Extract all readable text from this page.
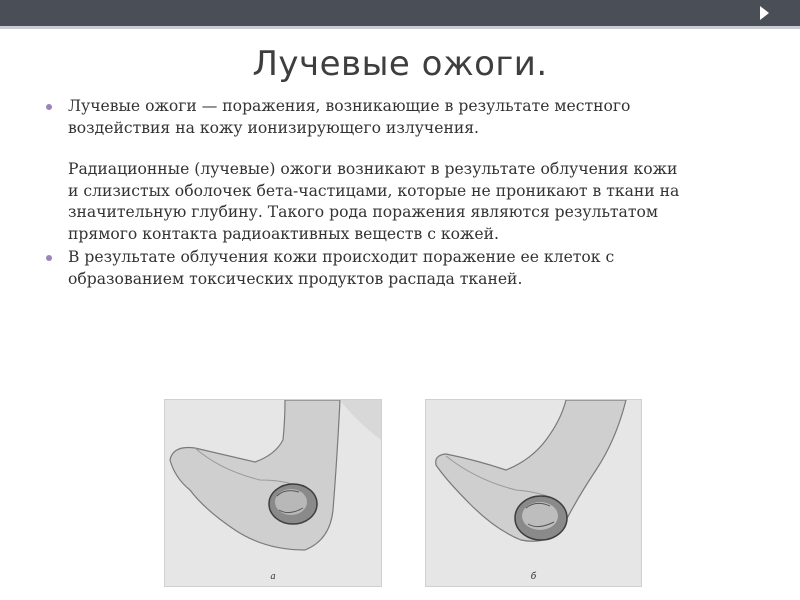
Лучевые ожоги.

Лучевые ожоги — поражения, возникающие в результате местного воздействия на кожу ионизирующего излучения.

Радиационные (лучевые) ожоги возникают в результате облучения кожи и слизистых оболочек бета-частицами, которые не проникают в ткани на значительную глубину. Такого рода поражения являются результатом прямого контакта радиоактивных веществ с кожей.

В результате облучения кожи происходит поражение ее клеток с образованием токсических продуктов распада тканей.

а	б
